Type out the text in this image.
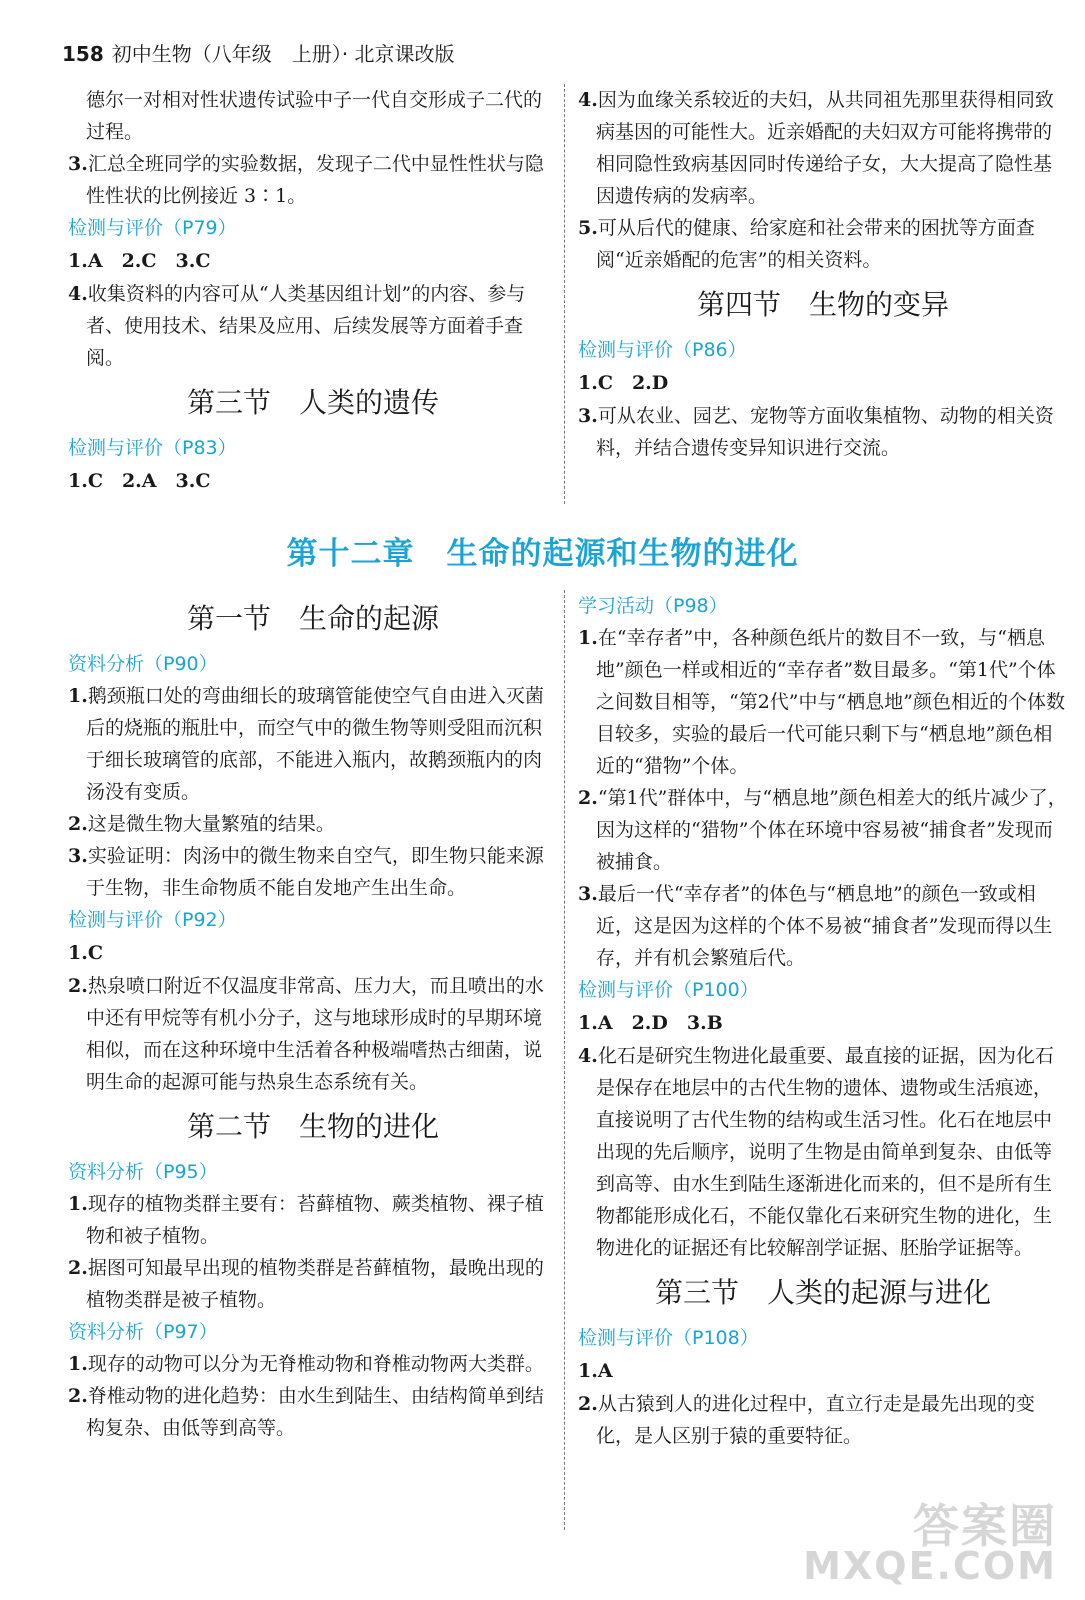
158 初中生物（八年级　上册）· 北京课改版

德尔一对相对性状遗传试验中子一代自交形成子二代的过程。

3.汇总全班同学的实验数据，发现子二代中显性性状与隐性性状的比例接近 3∶1。

检测与评价（P79）

1.A　2.C　3.C

4.收集资料的内容可从“人类基因组计划”的内容、参与者、使用技术、结果及应用、后续发展等方面着手查阅。

第三节　人类的遗传

检测与评价（P83）

1.C　2.A　3.C

4.因为血缘关系较近的夫妇，从共同祖先那里获得相同致病基因的可能性大。近亲婚配的夫妇双方可能将携带的相同隐性致病基因同时传递给子女，大大提高了隐性基因遗传病的发病率。

5.可从后代的健康、给家庭和社会带来的困扰等方面查阅“近亲婚配的危害”的相关资料。

第四节　生物的变异

检测与评价（P86）

1.C　2.D

3.可从农业、园艺、宠物等方面收集植物、动物的相关资料，并结合遗传变异知识进行交流。

第十二章　生命的起源和生物的进化
第一节　生命的起源

资料分析（P90）

1.鹅颈瓶口处的弯曲细长的玻璃管能使空气自由进入灭菌后的烧瓶的瓶肚中，而空气中的微生物等则受阻而沉积于细长玻璃管的底部，不能进入瓶内，故鹅颈瓶内的肉汤没有变质。

2.这是微生物大量繁殖的结果。

3.实验证明：肉汤中的微生物来自空气，即生物只能来源于生物，非生命物质不能自发地产生出生命。

检测与评价（P92）

1.C

2.热泉喷口附近不仅温度非常高、压力大，而且喷出的水中还有甲烷等有机小分子，这与地球形成时的早期环境相似，而在这种环境中生活着各种极端嗜热古细菌，说明生命的起源可能与热泉生态系统有关。

第二节　生物的进化

资料分析（P95）

1.现存的植物类群主要有：苔藓植物、蕨类植物、裸子植物和被子植物。

2.据图可知最早出现的植物类群是苔藓植物，最晚出现的植物类群是被子植物。

资料分析（P97）

1.现存的动物可以分为无脊椎动物和脊椎动物两大类群。

2.脊椎动物的进化趋势：由水生到陆生、由结构简单到结构复杂、由低等到高等。

学习活动（P98）

1.在“幸存者”中，各种颜色纸片的数目不一致，与“栖息地”颜色一样或相近的“幸存者”数目最多。“第1代”个体之间数目相等，“第2代”中与“栖息地”颜色相近的个体数目较多，实验的最后一代可能只剩下与“栖息地”颜色相近的“猎物”个体。

2.“第1代”群体中，与“栖息地”颜色相差大的纸片减少了，因为这样的“猎物”个体在环境中容易被“捕食者”发现而被捕食。

3.最后一代“幸存者”的体色与“栖息地”的颜色一致或相近，这是因为这样的个体不易被“捕食者”发现而得以生存，并有机会繁殖后代。

检测与评价（P100）

1.A　2.D　3.B

4.化石是研究生物进化最重要、最直接的证据，因为化石是保存在地层中的古代生物的遗体、遗物或生活痕迹，直接说明了古代生物的结构或生活习性。化石在地层中出现的先后顺序，说明了生物是由简单到复杂、由低等到高等、由水生到陆生逐渐进化而来的，但不是所有生物都能形成化石，不能仅靠化石来研究生物的进化，生物进化的证据还有比较解剖学证据、胚胎学证据等。

第三节　人类的起源与进化

检测与评价（P108）

1.A

2.从古猿到人的进化过程中，直立行走是最先出现的变化，是人区别于猿的重要特征。

答案圈
MXQE.COM
